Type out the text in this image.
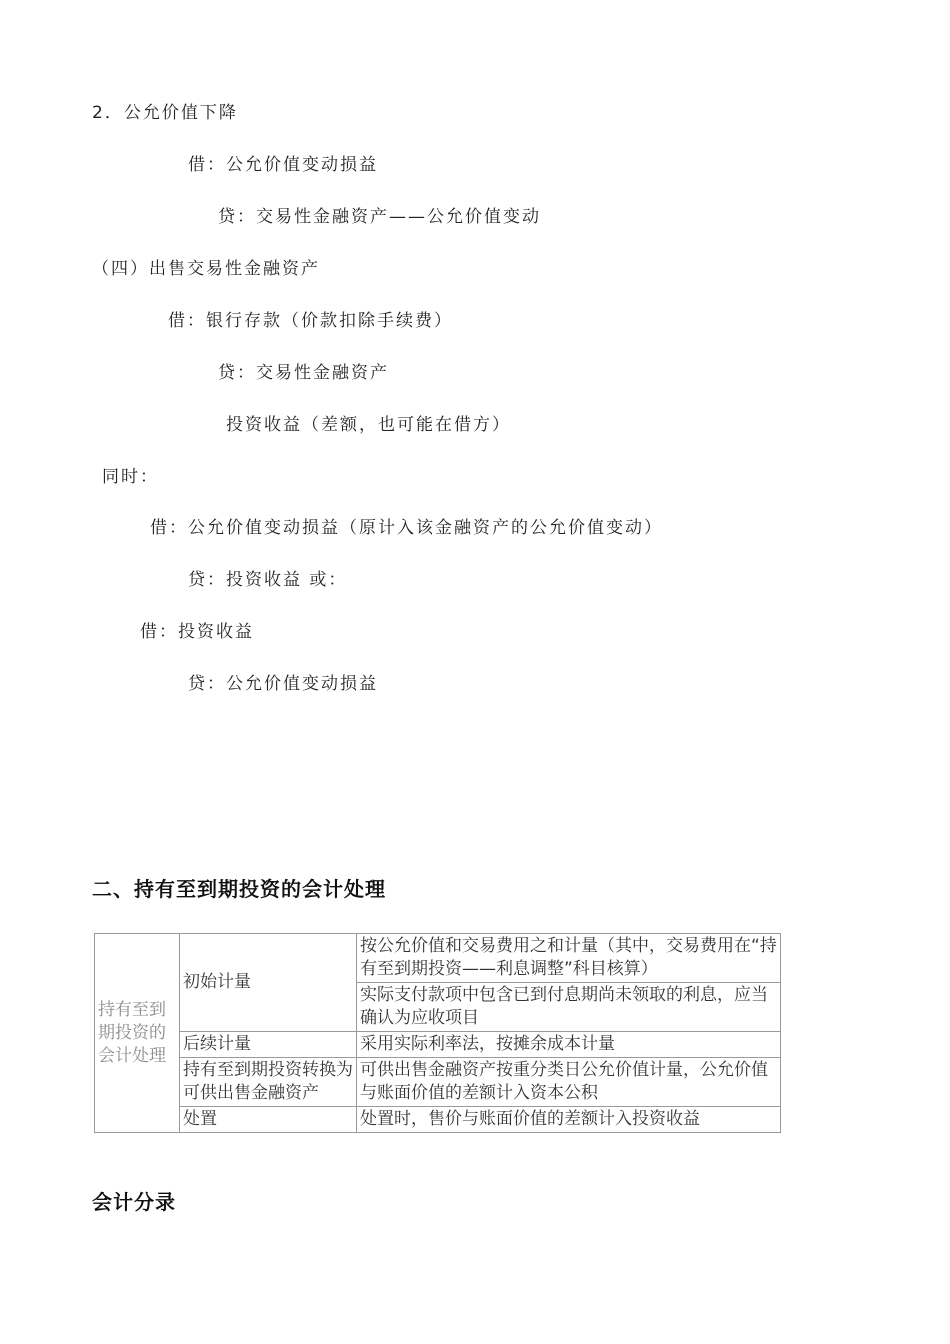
2．公允价值下降
借：公允价值变动损益
贷：交易性金融资产——公允价值变动
（四）出售交易性金融资产
借：银行存款（价款扣除手续费）
贷：交易性金融资产
投资收益（差额，也可能在借方）
同时：
借：公允价值变动损益（原计入该金融资产的公允价值变动）
贷：投资收益 或：
借：投资收益
贷：公允价值变动损益
二、持有至到期投资的会计处理
持有至到期投资的会计处理	初始计量	按公允价值和交易费用之和计量（其中，交易费用在“持有至到期投资——利息调整”科目核算）
		实际支付款项中包含已到付息期尚未领取的利息，应当确认为应收项目
	后续计量	采用实际利率法，按摊余成本计量
	持有至到期投资转换为可供出售金融资产	可供出售金融资产按重分类日公允价值计量，公允价值与账面价值的差额计入资本公积
	处置	处置时，售价与账面价值的差额计入投资收益
会计分录
